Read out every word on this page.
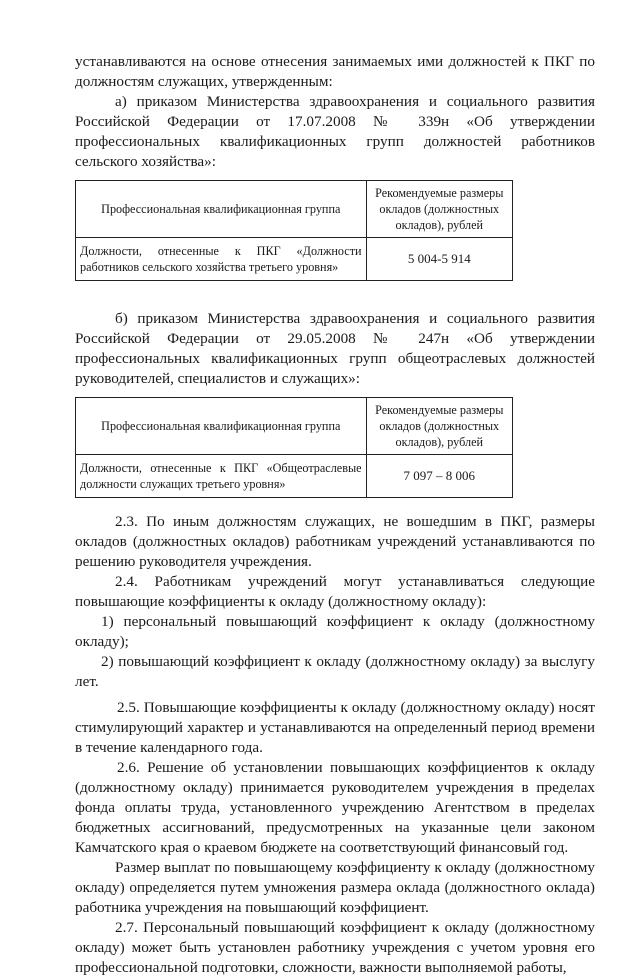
устанавливаются на основе отнесения занимаемых ими должностей к ПКГ по должностям служащих, утвержденным:

а) приказом Министерства здравоохранения и социального развития Российской Федерации от 17.07.2008 № 339н «Об утверждении профессиональных квалификационных групп должностей работников сельского хозяйства»:

Профессиональная квалификационная группа	Рекомендуемые размеры окладов (должностных окладов), рублей
Должности, отнесенные к ПКГ «Должности работников сельского хозяйства третьего уровня»	5 004-5 914

б) приказом Министерства здравоохранения и социального развития Российской Федерации от 29.05.2008 № 247н «Об утверждении профессиональных квалификационных групп общеотраслевых должностей руководителей, специалистов и служащих»:

Профессиональная квалификационная группа	Рекомендуемые размеры окладов (должностных окладов), рублей
Должности, отнесенные к ПКГ «Общеотраслевые должности служащих третьего уровня»	7 097 – 8 006

2.3. По иным должностям служащих, не вошедшим в ПКГ, размеры окладов (должностных окладов) работникам учреждений устанавливаются по решению руководителя учреждения.

2.4. Работникам учреждений могут устанавливаться следующие повышающие коэффициенты к окладу (должностному окладу):

1) персональный повышающий коэффициент к окладу (должностному окладу);

2) повышающий коэффициент к окладу (должностному окладу) за выслугу лет.

2.5. Повышающие коэффициенты к окладу (должностному окладу) носят стимулирующий характер и устанавливаются на определенный период времени в течение календарного года.

2.6. Решение об установлении повышающих коэффициентов к окладу (должностному окладу) принимается руководителем учреждения в пределах фонда оплаты труда, установленного учреждению Агентством в пределах бюджетных ассигнований, предусмотренных на указанные цели законом Камчатского края о краевом бюджете на соответствующий финансовый год.

Размер выплат по повышающему коэффициенту к окладу (должностному окладу) определяется путем умножения размера оклада (должностного оклада) работника учреждения на повышающий коэффициент.

2.7. Персональный повышающий коэффициент к окладу (должностному окладу) может быть установлен работнику учреждения с учетом уровня его профессиональной подготовки, сложности, важности выполняемой работы,
